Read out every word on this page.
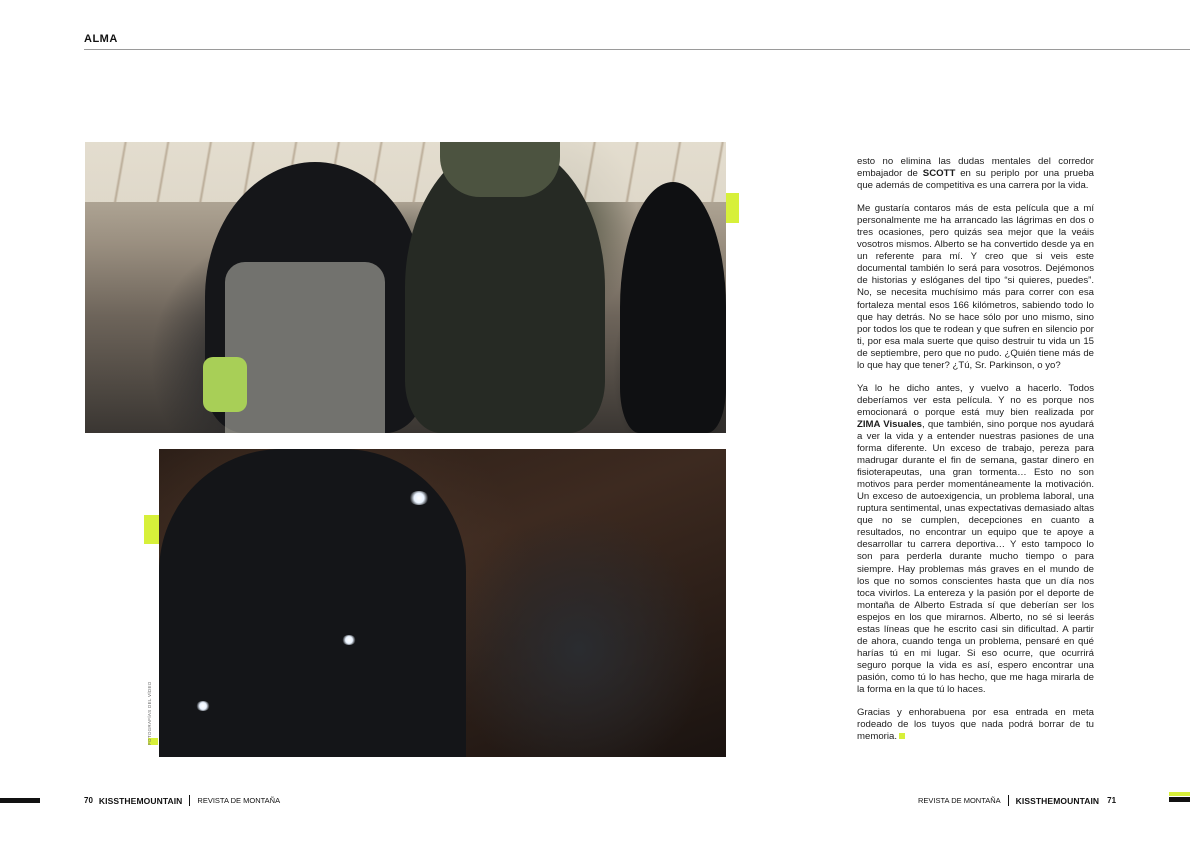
ALMA
FOTOGRAFÍAS DEL VÍDEO

esto no elimina las dudas mentales del corredor embajador de SCOTT en su periplo por una prueba que además de competitiva es una carrera por la vida.

Me gustaría contaros más de esta película que a mí personalmente me ha arrancado las lágrimas en dos o tres ocasiones, pero quizás sea mejor que la veáis vosotros mismos. Alberto se ha convertido desde ya en un referente para mí. Y creo que si veis este documental también lo será para vosotros. Dejémonos de historias y eslóganes del tipo “si quieres, puedes”. No, se necesita muchísimo más para correr con esa fortaleza mental esos 166 kilómetros, sabiendo todo lo que hay detrás. No se hace sólo por uno mismo, sino por todos los que te rodean y que sufren en silencio por ti, por esa mala suerte que quiso destruir tu vida un 15 de septiembre, pero que no pudo. ¿Quién tiene más de lo que hay que tener? ¿Tú, Sr. Parkinson, o yo?

Ya lo he dicho antes, y vuelvo a hacerlo. Todos deberíamos ver esta película. Y no es porque nos emocionará o porque está muy bien realizada por ZIMA Visuales, que también, sino porque nos ayudará a ver la vida y a entender nuestras pasiones de una forma diferente. Un exceso de trabajo, pereza para madrugar durante el fin de semana, gastar dinero en fisioterapeutas, una gran tormenta… Esto no son motivos para perder momentáneamente la motivación. Un exceso de autoexigencia, un problema laboral, una ruptura sentimental, unas expectativas demasiado altas que no se cumplen, decepciones en cuanto a resultados, no encontrar un equipo que te apoye a desarrollar tu carrera deportiva… Y esto tampoco lo son para perderla durante mucho tiempo o para siempre. Hay problemas más graves en el mundo de los que no somos conscientes hasta que un día nos toca vivirlos. La entereza y la pasión por el deporte de montaña de Alberto Estrada sí que deberían ser los espejos en los que mirarnos. Alberto, no sé si leerás estas líneas que he escrito casi sin dificultad. A partir de ahora, cuando tenga un problema, pensaré en qué harías tú en mi lugar. Si eso ocurre, que ocurrirá seguro porque la vida es así, espero encontrar una pasión, como tú lo has hecho, que me haga mirarla de la forma en la que tú lo haces.

Gracias y enhorabuena por esa entrada en meta rodeado de los tuyos que nada podrá borrar de tu memoria.

70 KISSTHEMOUNTAIN REVISTA DE MONTAÑA	REVISTA DE MONTAÑA KISSTHEMOUNTAIN 71
